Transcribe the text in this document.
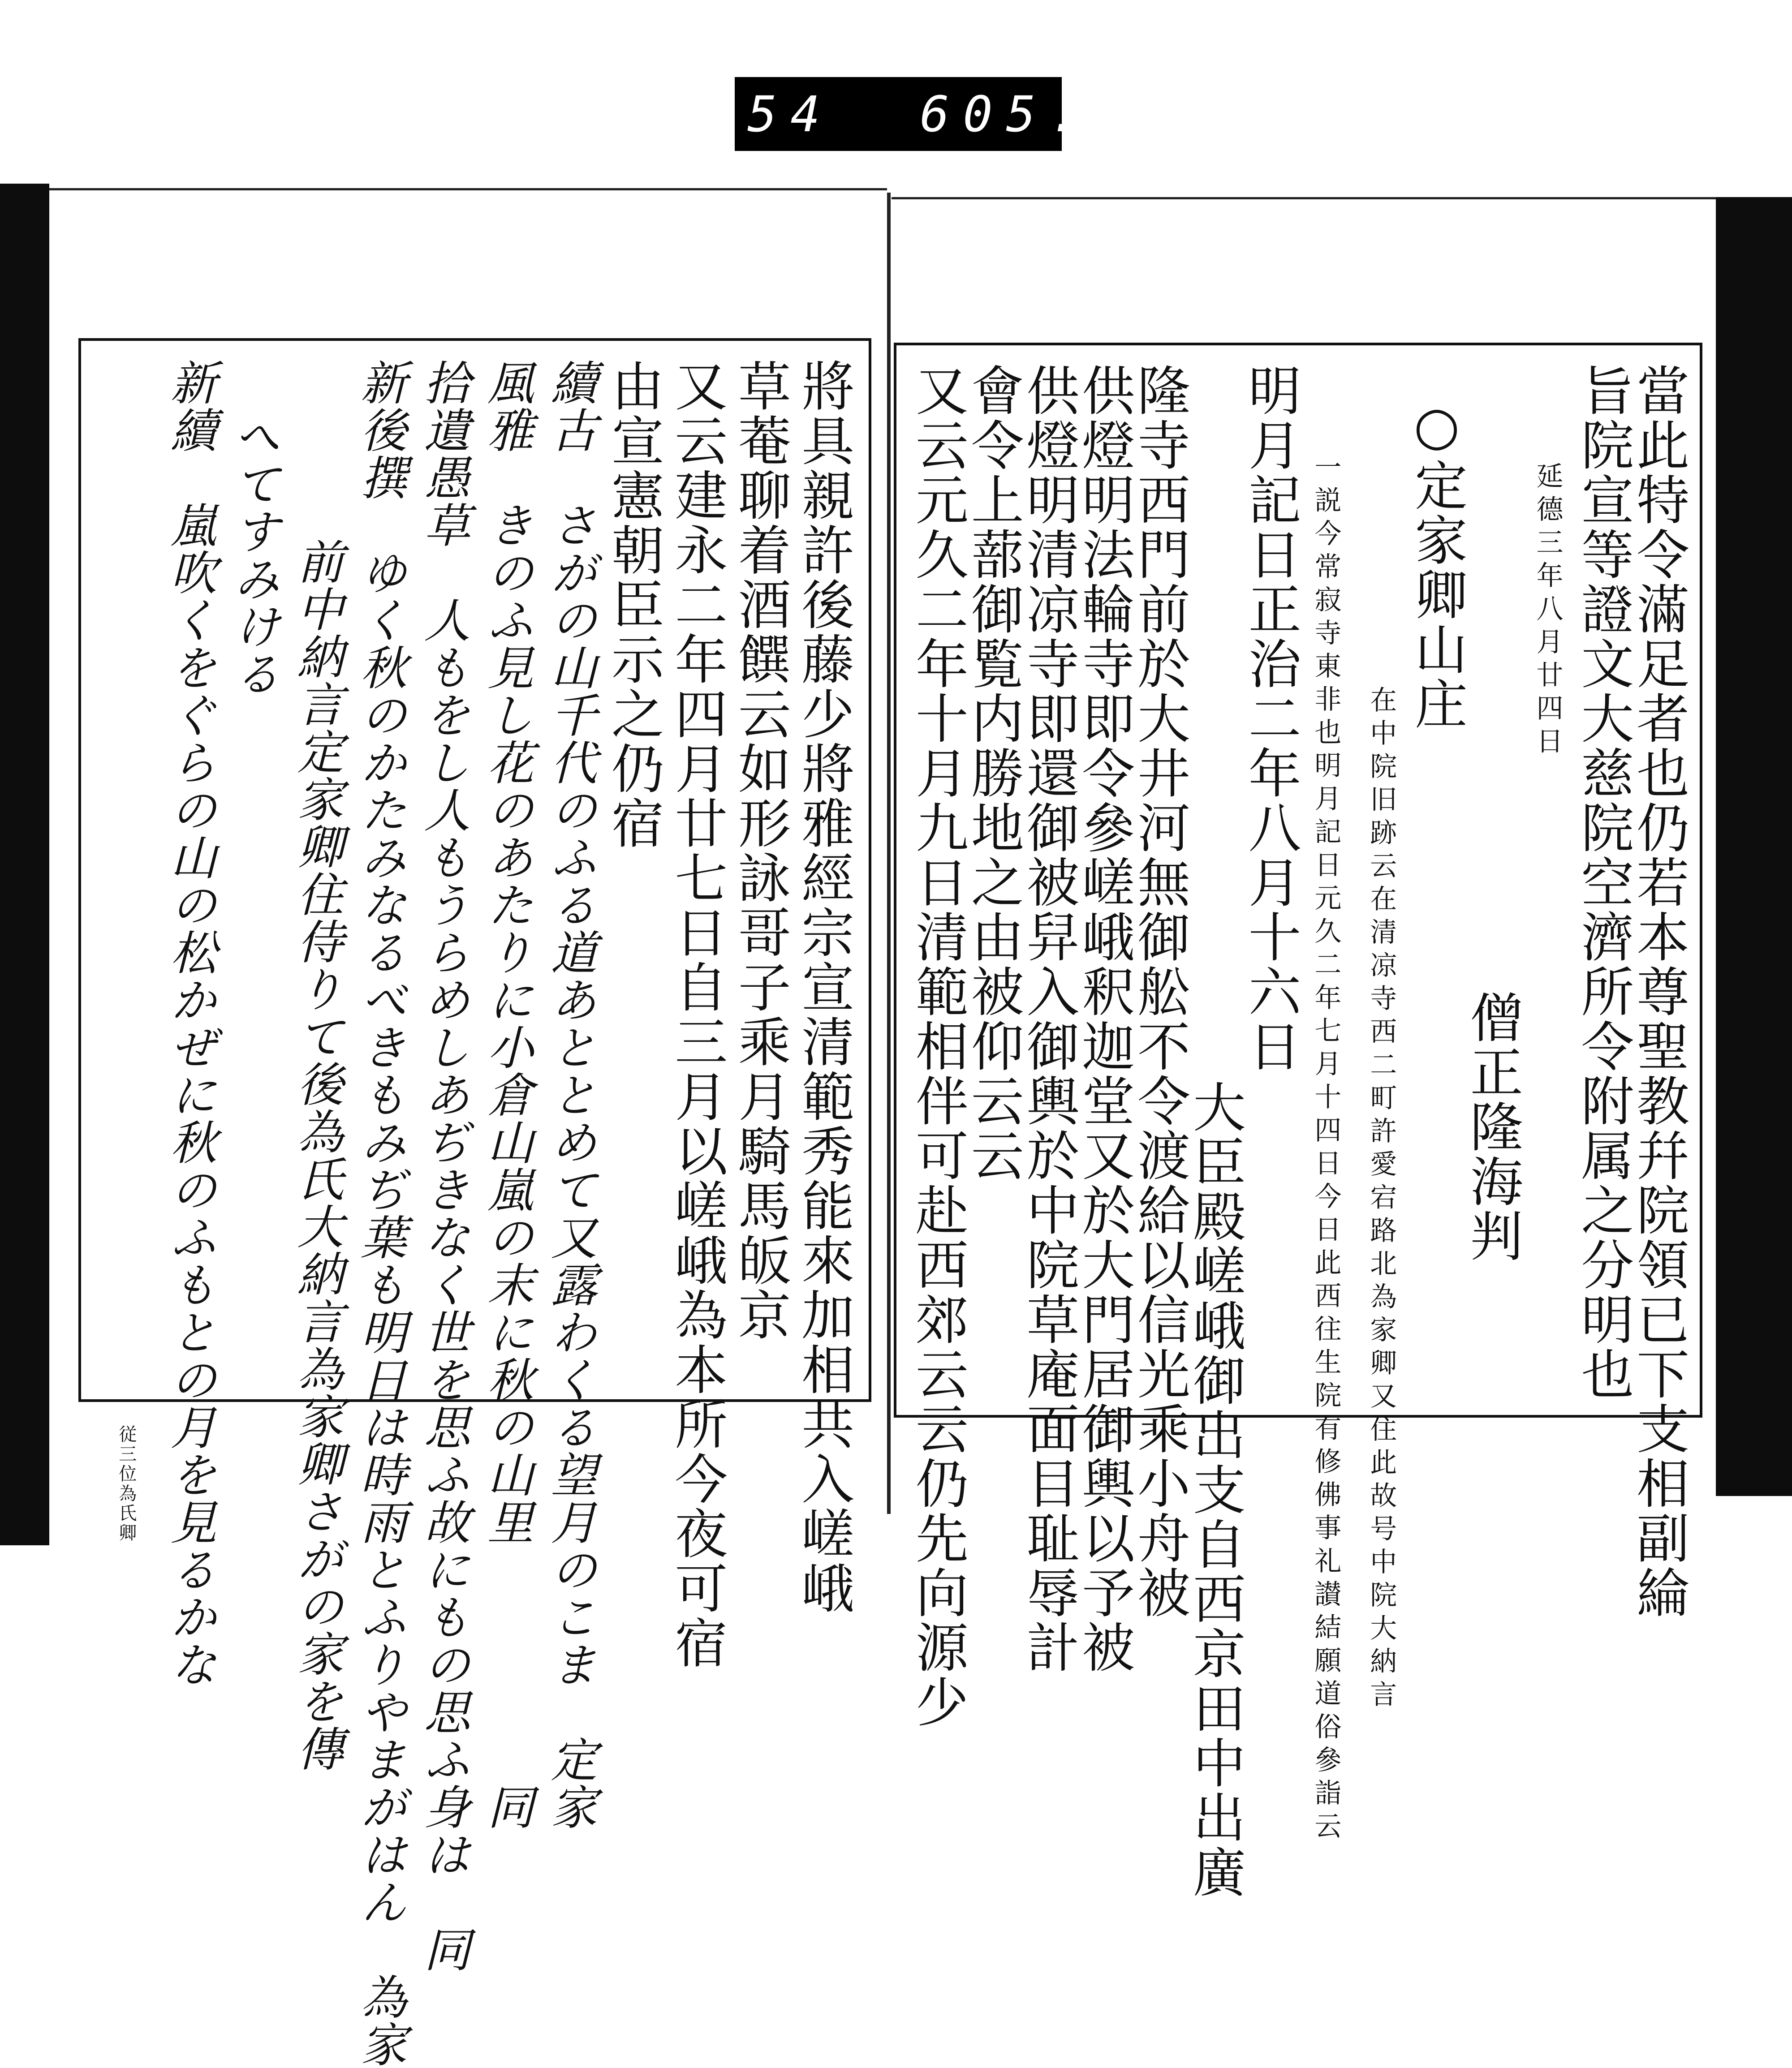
854  605.
將具親許後藤少將雅經宗宣清範秀能來加相共入嵯峨
草菴聊着酒饌云如形詠哥子乘月騎馬皈京
又云建永二年四月廿七日自三月以嵯峨為本所今夜可宿
由宣憲朝臣示之仍宿
續古　さがの山千代のふる道あととめて又露わくる望月のこま　定家
風雅　きのふ見し花のあたりに小倉山嵐の末に秋の山里　　　　　同
拾遺愚草　人もをし人もうらめしあぢきなく世を思ふ故にもの思ふ身は　同
新後撰　ゆく秋のかたみなるべきもみぢ葉も明日は時雨とふりやまがはん　為家
前中納言定家卿住侍りて後為氏大納言為家卿さがの家を傳
へてすみける
新續　嵐吹くをぐらの山の松かぜに秋のふもとの月を見るかな
従三位為氏卿	當此特令滿足者也仍若本尊聖教幷院領已下支相副綸
旨院宣等證文大慈院空濟所令附属之分明也
延德三年八月廿四日
僧正隆海判
○定家卿山庄
在中院旧跡云在清凉寺西二町許愛宕路北為家卿又住此故号中院大納言
一説今常寂寺東非也明月記日元久二年七月十四日今日此西往生院有修佛事礼讃結願道俗參詣云
明月記日正治二年八月十六日
大臣殿嵯峨御出支自西京田中出廣
隆寺西門前於大井河無御舩不令渡給以信光乘小舟被
供燈明法輪寺即令參嵯峨釈迦堂又於大門居御輿以予被
供燈明清凉寺即還御被舁入御輿於中院草庵面目耻辱計
會令上蔀御覧内勝地之由被仰云云
又云元久二年十月九日清範相伴可赴西郊云云仍先向源少
